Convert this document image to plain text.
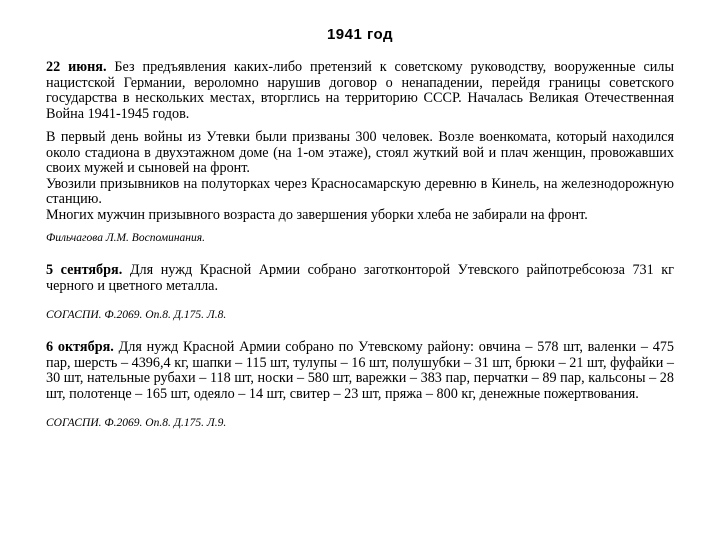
1941 год

22 июня. Без предъявления каких-либо претензий к советскому руководству, вооруженные силы нацистской Германии, вероломно нарушив договор о ненападении, перейдя границы советского государства в нескольких местах, вторглись на территорию СССР. Началась Великая Отечественная Война 1941-1945 годов.

В первый день войны из Утевки были призваны 300 человек. Возле военкомата, который находился около стадиона в двухэтажном доме (на 1-ом этаже), стоял жуткий вой и плач женщин, провожавших своих мужей и сыновей на фронт.

Увозили призывников на полуторках через Красносамарскую деревню в Кинель, на железнодорожную станцию.

Многих мужчин призывного возраста до завершения уборки хлеба не забирали на фронт.

Фильчагова Л.М. Воспоминания.

5 сентября. Для нужд Красной Армии собрано заготконторой Утевского райпотребсоюза 731 кг черного и цветного металла.

СОГАСПИ. Ф.2069. Оп.8. Д.175. Л.8.

6 октября. Для нужд Красной Армии собрано по Утевскому району: овчина – 578 шт, валенки – 475 пар, шерсть – 4396,4 кг, шапки – 115 шт, тулупы – 16 шт, полушубки – 31 шт, брюки – 21 шт, фуфайки – 30 шт, нательные рубахи – 118 шт, носки – 580 шт, варежки – 383 пар, перчатки – 89 пар, кальсоны – 28 шт, полотенце – 165 шт, одеяло – 14 шт, свитер – 23 шт, пряжа – 800 кг, денежные пожертвования.

СОГАСПИ. Ф.2069. Оп.8. Д.175. Л.9.
